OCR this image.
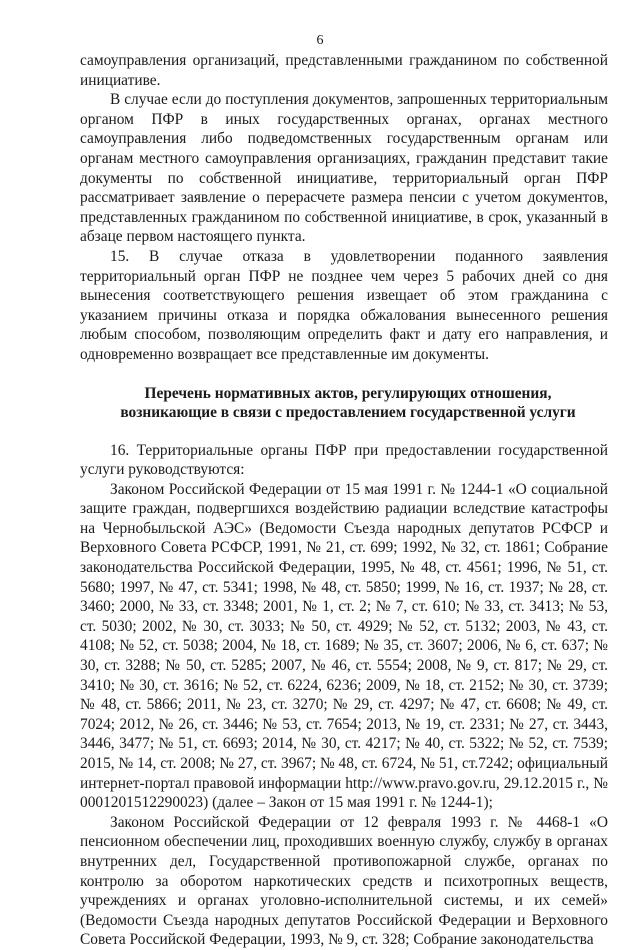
6

самоуправления организаций, представленными гражданином по собственной инициативе.

В случае если до поступления документов, запрошенных территориальным органом ПФР в иных государственных органах, органах местного самоуправления либо подведомственных государственным органам или органам местного самоуправления организациях, гражданин представит такие документы по собственной инициативе, территориальный орган ПФР рассматривает заявление о перерасчете размера пенсии с учетом документов, представленных гражданином по собственной инициативе, в срок, указанный в абзаце первом настоящего пункта.

15. В случае отказа в удовлетворении поданного заявления территориальный орган ПФР не позднее чем через 5 рабочих дней со дня вынесения соответствующего решения извещает об этом гражданина с указанием причины отказа и порядка обжалования вынесенного решения любым способом, позволяющим определить факт и дату его направления, и одновременно возвращает все представленные им документы.

Перечень нормативных актов, регулирующих отношения, возникающие в связи с предоставлением государственной услуги

16. Территориальные органы ПФР при предоставлении государственной услуги руководствуются:

Законом Российской Федерации от 15 мая 1991 г. № 1244-1 «О социальной защите граждан, подвергшихся воздействию радиации вследствие катастрофы на Чернобыльской АЭС» (Ведомости Съезда народных депутатов РСФСР и Верховного Совета РСФСР, 1991, № 21, ст. 699; 1992, № 32, ст. 1861; Собрание законодательства Российской Федерации, 1995, № 48, ст. 4561; 1996, № 51, ст. 5680; 1997, № 47, ст. 5341; 1998, № 48, ст. 5850; 1999, № 16, ст. 1937; № 28, ст. 3460; 2000, № 33, ст. 3348; 2001, № 1, ст. 2; № 7, ст. 610; № 33, ст. 3413; № 53, ст. 5030; 2002, № 30, ст. 3033; № 50, ст. 4929; № 52, ст. 5132; 2003, № 43, ст. 4108; № 52, ст. 5038; 2004, № 18, ст. 1689; № 35, ст. 3607; 2006, № 6, ст. 637; № 30, ст. 3288; № 50, ст. 5285; 2007, № 46, ст. 5554; 2008, № 9, ст. 817; № 29, ст. 3410; № 30, ст. 3616; № 52, ст. 6224, 6236; 2009, № 18, ст. 2152; № 30, ст. 3739; № 48, ст. 5866; 2011, № 23, ст. 3270; № 29, ст. 4297; № 47, ст. 6608; № 49, ст. 7024; 2012, № 26, ст. 3446; № 53, ст. 7654; 2013, № 19, ст. 2331; № 27, ст. 3443, 3446, 3477; № 51, ст. 6693; 2014, № 30, ст. 4217; № 40, ст. 5322; № 52, ст. 7539; 2015, № 14, ст. 2008; № 27, ст. 3967; № 48, ст. 6724, № 51, ст.7242; официальный интернет-портал правовой информации http://www.pravo.gov.ru, 29.12.2015 г., № 0001201512290023) (далее – Закон от 15 мая 1991 г. № 1244-1);

Законом Российской Федерации от 12 февраля 1993 г. № 4468-1 «О пенсионном обеспечении лиц, проходивших военную службу, службу в органах внутренних дел, Государственной противопожарной службе, органах по контролю за оборотом наркотических средств и психотропных веществ, учреждениях и органах уголовно-исполнительной системы, и их семей» (Ведомости Съезда народных депутатов Российской Федерации и Верховного Совета Российской Федерации, 1993, № 9, ст. 328; Собрание законодательства
